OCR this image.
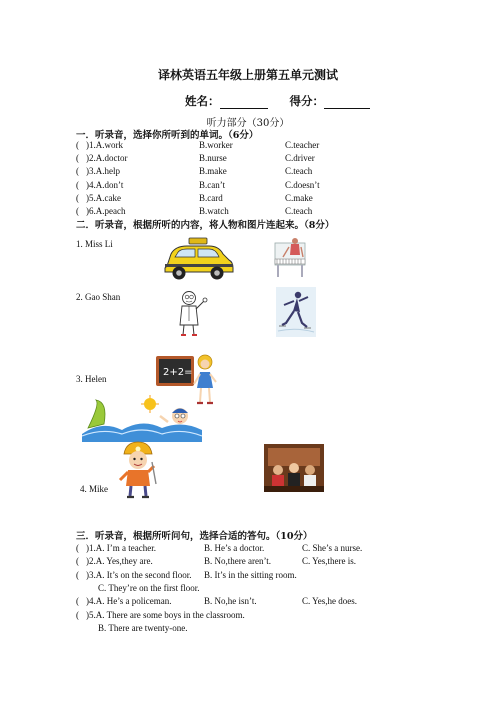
译林英语五年级上册第五单元测试
姓名：	得分：
听力部分（30分）
一．听录音，选择你所听到的单词。（6分）
( )1.A.work	B.worker	C.teacher
( )2.A.doctor	B.nurse	C.driver
( )3.A.help	B.make	C.teach
( )4.A.don’t	B.can’t	C.doesn’t
( )5.A.cake	B.card	C.make
( )6.A.peach	B.watch	C.teach
二．听录音，根据所听的内容，将人物和图片连起来。（8分）
1. Miss Li
2. Gao Shan
3. Helen
4. Mike
2+2=
三．听录音，根据所听问句，选择合适的答句。（10分）
( )1.A. I’m a teacher.	B. He’s a doctor.	C. She’s a nurse.
( )2.A. Yes,they are.	B. No,there aren’t.	C. Yes,there is.
( )3.A. It’s on the second floor. B. It’s in the sitting room.
C. They’re on the first floor.
( )4.A. He’s a policeman.	B. No,he isn’t.	C. Yes,he does.
( )5.A. There are some boys in the classroom.
B. There are twenty-one.
